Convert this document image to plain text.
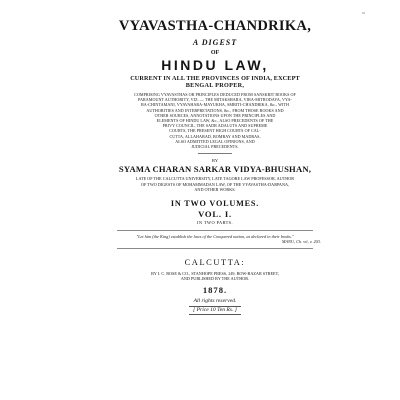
VYAVASTHA-CHANDRIKA,
A DIGEST
OF
HINDU LAW,
CURRENT IN ALL THE PROVINCES OF INDIA, EXCEPT
BENGAL PROPER,
COMPRISING VYAVASTHAS OR PRINCIPLES DEDUCED FROM SANSKRIT BOOKS OF
PARAMOUNT AUTHORITY, VIZ. — THE MITAKSHARA, VIRA-MITRODAYA, VYA-
BA-CHINTAMANI, VYAVAHARA-MAYUKHA, SMRITI-CHANDRIKA, &c., WITH
AUTHORITIES AND INTERPRETATIONS, &c., FROM THOSE BOOKS AND
OTHER SOURCES, ANNOTATIONS UPON THE PRINCIPLES AND
ELEMENTS OF HINDU LAW, &c., ALSO PRECEDENTS OF THE
PRIVY COUNCIL, THE SADR ADALUTS AND SUPREME
COURTS, THE PRESENT HIGH COURTS OF CAL-
CUTTA, ALLAHABAD, BOMBAY AND MADRAS,
ALSO ADMITTED LEGAL OPINIONS, AND
JUDICIAL PRECEDENTS.
BY
SYAMA CHARAN SARKAR VIDYA-BHUSHAN,
LATE OF THE CALCUTTA UNIVERSITY, LATE TAGORE LAW PROFESSOR, AUTHOR
OF TWO DIGESTS OF MOHAMMADAN LAW, OF THE VYAVASTHA-DARPANA,
AND OTHER WORKS.
IN TWO VOLUMES.
VOL. I.
IN TWO PARTS.
"Let him (the King) establish the laws of the Conquered nation, as declared in their books."
MANU, Ch. vii, v. 203.
CALCUTTA:
BY I. C. BOSE & CO., STANHOPE PRESS, 249, BOW-BAZAR STREET,
AND PUBLISHED BY THE AUTHOR.
1878.
All rights reserved.
[ Price 10 Ten Rs. ]
